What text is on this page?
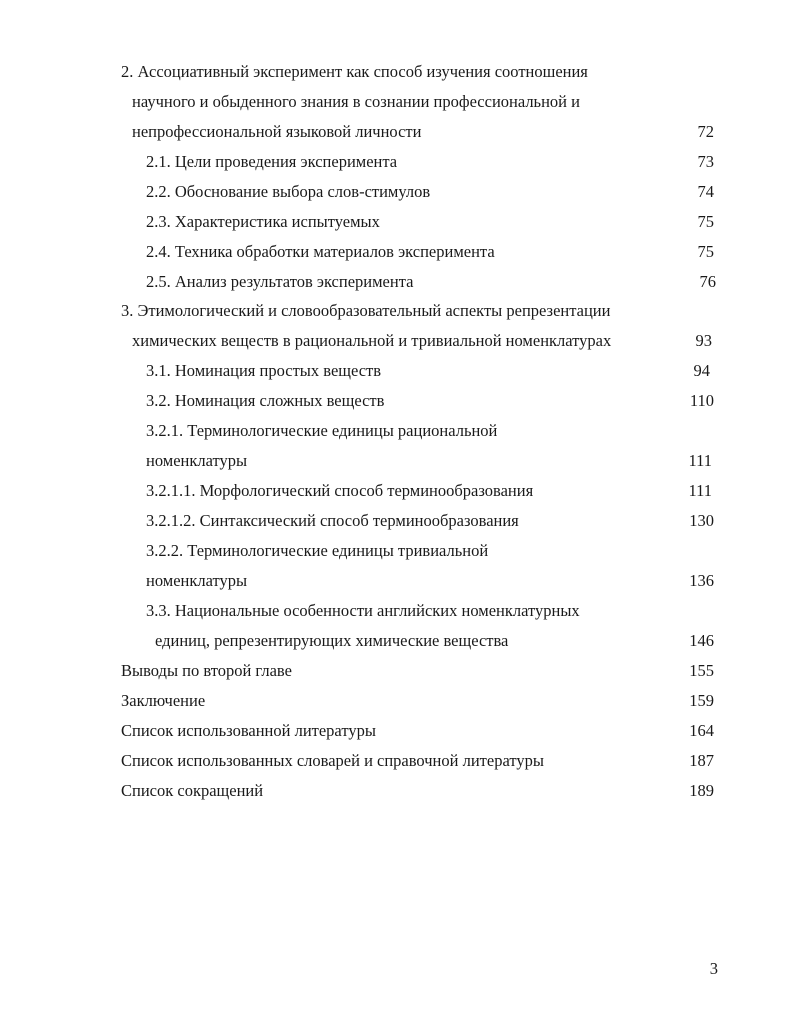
2. Ассоциативный эксперимент как способ изучения соотношения
научного и обыденного знания в сознании профессиональной и
непрофессиональной языковой личности	72
2.1. Цели проведения эксперимента	73
2.2. Обоснование выбора слов-стимулов	74
2.3. Характеристика испытуемых	75
2.4. Техника обработки материалов эксперимента	75
2.5. Анализ результатов эксперимента	76
3. Этимологический и словообразовательный аспекты репрезентации
химических веществ в рациональной и тривиальной номенклатурах	93
3.1. Номинация простых веществ	94
3.2. Номинация сложных веществ	110
3.2.1. Терминологические единицы рациональной
номенклатуры	111
3.2.1.1. Морфологический способ терминообразования	111
3.2.1.2. Синтаксический способ терминообразования	130
3.2.2. Терминологические единицы тривиальной
номенклатуры	136
3.3. Национальные особенности английских номенклатурных
единиц, репрезентирующих химические вещества	146
Выводы по второй главе	155
Заключение	159
Список использованной литературы	164
Список использованных словарей и справочной литературы	187
Список сокращений	189
3
